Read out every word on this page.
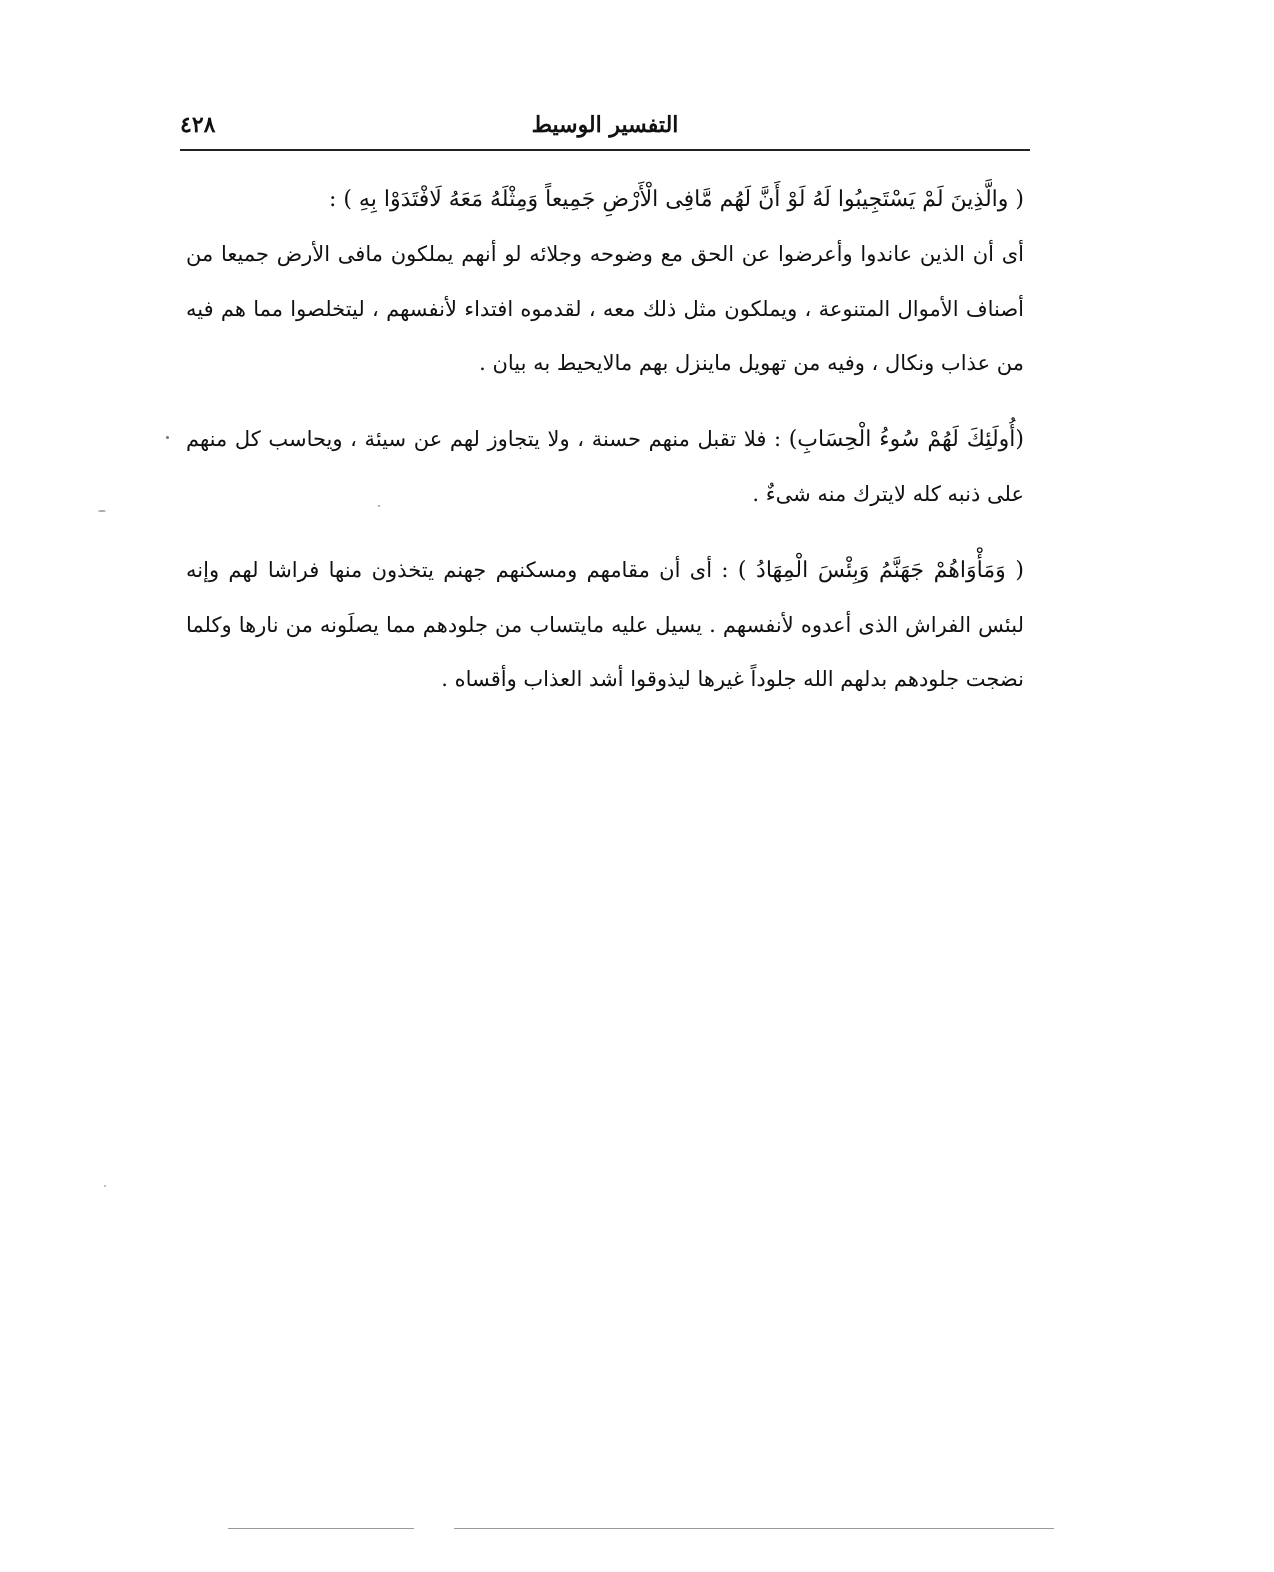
٤٢٨	التفسير الوسيط

( والَّذِينَ لَمْ يَسْتَجِيبُوا لَهُ لَوْ أَنَّ لَهُم مَّافِى الْأَرْضِ جَمِيعاً وَمِثْلَهُ مَعَهُ لَافْتَدَوْا بِهِ ) :

أى أن الذين عاندوا وأعرضوا عن الحق مع وضوحه وجلائه لو أنهم يملكون مافى الأرض جميعا من أصناف الأموال المتنوعة ، ويملكون مثل ذلك معه ، لقدموه افتداء لأنفسهم ، ليتخلصوا مما هم فيه من عذاب ونكال ، وفيه من تهويل ماينزل بهم مالايحيط به بيان .

(أُولَئِكَ لَهُمْ سُوءُ الْحِسَابِ) : فلا تقبل منهم حسنة ، ولا يتجاوز لهم عن سيئة ، ويحاسب كل منهم على ذنبه كله لايترك منه شىءٌ .

( وَمَأْوَاهُمْ جَهَنَّمُ وَبِئْسَ الْمِهَادُ ) : أى أن مقامهم ومسكنهم جهنم يتخذون منها فراشا لهم وإنه لبئس الفراش الذى أعدوه لأنفسهم . يسيل عليه مايتساب من جلودهم مما يصلَونه من نارها وكلما نضجت جلودهم بدلهم الله جلوداً غيرها ليذوقوا أشد العذاب وأقساه .
